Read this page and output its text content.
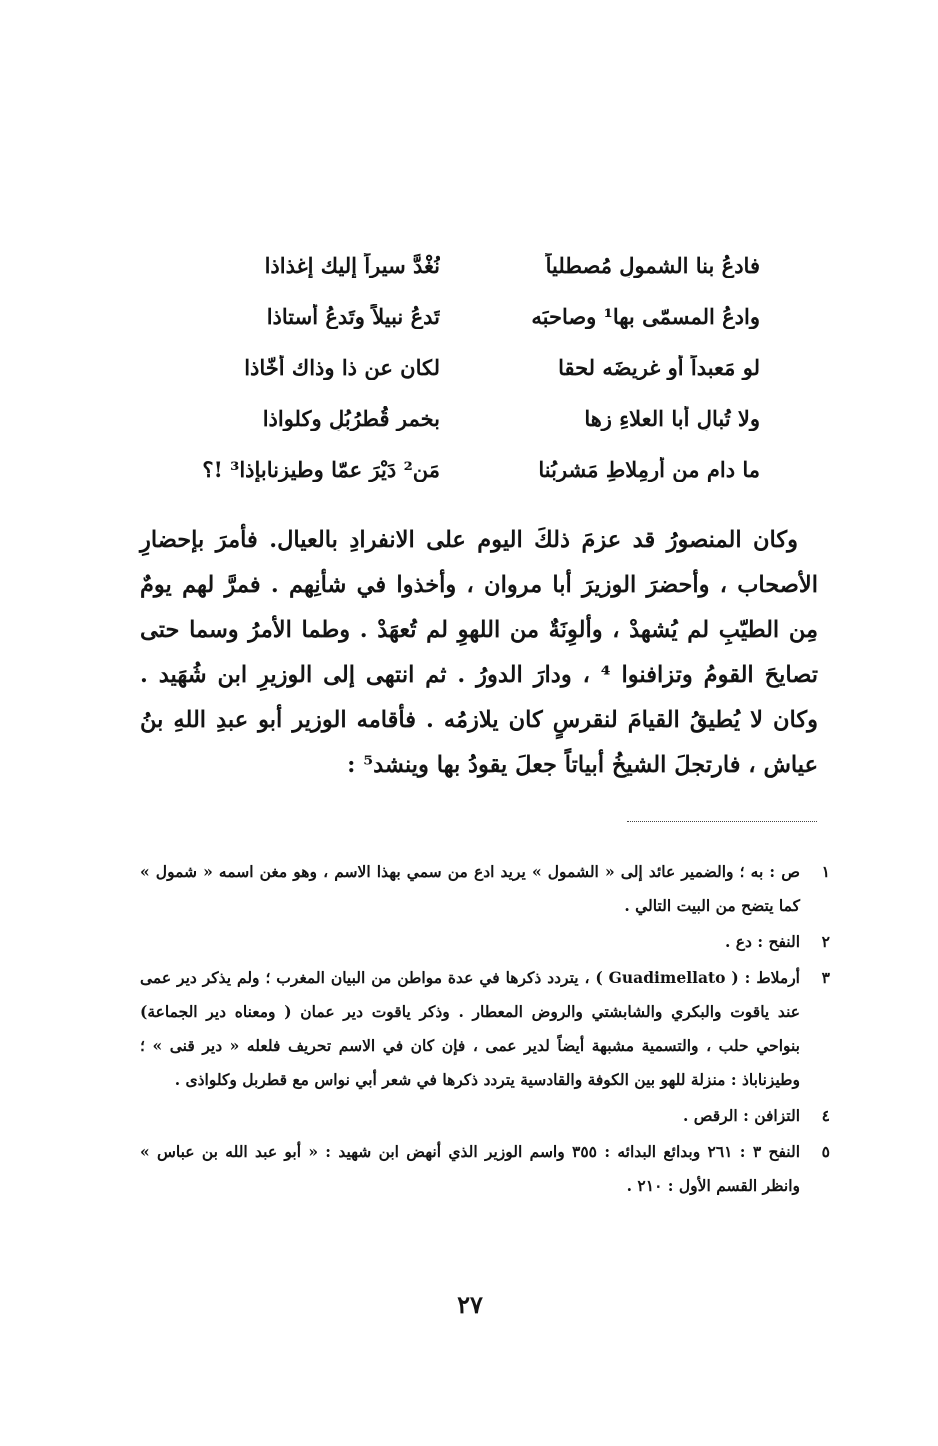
فادعُ بنا الشمولِ مُصطلياً
نُغْدَّ سيراً إليك إغذاذا
وادعُ المسمّى بها¹ وصاحبَه
تَدعُ نبيلاً وتَدعُ أستاذا
لو مَعبداً أو غريضَه لحقا
لكان عن ذا وذاك أخّاذا
ولا تُبالِ أبا العلاءِ زها
بخمرِ قُطرُبُلِ وكلواذا
ما دام من أرمِلاطِ مَشربُنا
مَن² دَيْرَ عمّا وطيزنابإذا³ !؟

وكان المنصورُ قد عزمَ ذلكَ اليوم على الانفرادِ بالعيال. فأمرَ بإحضارِ الأصحاب ، وأحضرَ الوزيرَ أبا مروان ، وأخذوا في شأنِهم . فمرَّ لهم يومٌ مِن الطيّبِ لم يُشهدْ ، وألوِنَةٌ من اللهوِ لم تُعهَدْ . وطما الأمرُ وسما حتى تصايحَ القومُ وتزافنوا ⁴ ، ودارَ الدورُ . ثم انتهى إلى الوزيرِ ابن شُهَيد . وكان لا يُطيقُ القيامَ لنقرسٍ كان يلازمُه . فأقامه الوزير أبو عبدِ اللهِ بنُ عياش ، فارتجلَ الشيخُ أبياتاً جعلَ يقودُ بها وينشد⁵ :

١
ص : به ؛ والضمير عائد إلى « الشمول » يريد ادع من سمي بهذا الاسم ، وهو مغن اسمه « شمول » كما يتضح من البيت التالي .
٢
النفح : دع .
٣
أرملاط : ( Guadimellato ) ، يتردد ذكرها في عدة مواطن من البيان المغرب ؛ ولم يذكر دير عمى عند ياقوت والبكري والشابشتي والروض المعطار . وذكر ياقوت دير عمان ( ومعناه دير الجماعة) بنواحي حلب ، والتسمية مشبهة أيضاً لدير عمى ، فإن كان في الاسم تحريف فلعله « دير قنى » ؛ وطيزناباذ : منزلة للهو بين الكوفة والقادسية يتردد ذكرها في شعر أبي نواس مع قطربل وكلواذى .
٤
التزافن : الرقص .
٥
النفح ٣ : ٢٦١ وبدائع البدائه : ٣٥٥ واسم الوزير الذي أنهض ابن شهيد : « أبو عبد الله بن عباس » وانظر القسم الأول : ٢١٠ .
٢٧
